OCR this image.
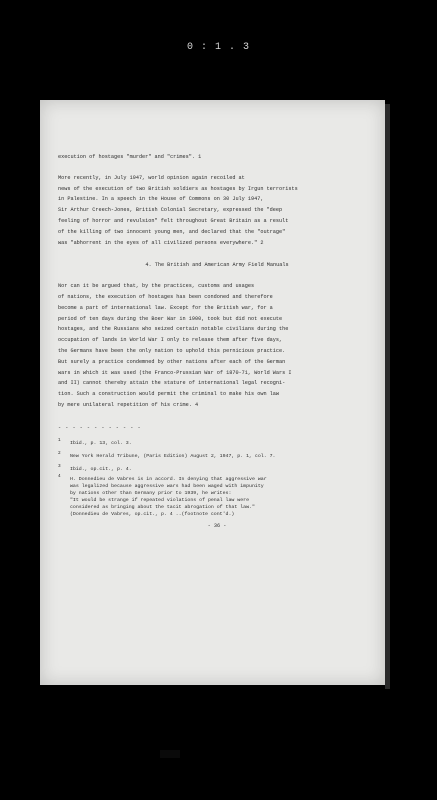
0 : 1 . 3

execution of hostages "murder" and "crimes". 1

More recently, in July 1947, world opinion again recoiled at

news of the execution of two British soldiers as hostages by Irgun terrorists

in Palestine. In a speech in the House of Commons on 30 July 1947,

Sir Arthur Creech-Jones, British Colonial Secretary, expressed the "deep

feeling of horror and revulsion" felt throughout Great Britain as a result

of the killing of two innocent young men, and declared that the "outrage"

was "abhorrent in the eyes of all civilized persons everywhere." 2

4. The British and American Army Field Manuals

Nor can it be argued that, by the practices, customs and usages

of nations, the execution of hostages has been condoned and therefore

become a part of international law. Except for the British war, for a

period of ten days during the Boer War in 1900, took but did not execute

hostages, and the Russians who seized certain notable civilians during the

occupation of lands in World War I only to release them after five days,

the Germans have been the only nation to uphold this pernicious practice.

But surely a practice condemned by other nations after each of the German

wars in which it was used (the Franco-Prussian War of 1870-71, World Wars I

and II) cannot thereby attain the stature of international legal recogni-

tion. Such a construction would permit the criminal to make his own law

by mere unilateral repetition of his crime. 4

- - - - - - - - - - - -
1
Ibid., p. 13, col. 3.
2
New York Herald Tribune, (Paris Edition) August 2, 1947, p. 1, col. 7.
3
Ibid., op.cit., p. 4.
4
H. Donnedieu de Vabres is in accord. In denying that aggressive war
was legalized because aggressive wars had been waged with impunity
by nations other than Germany prior to 1939, he writes:
"It would be strange if repeated violations of penal law were
considered as bringing about the tacit abrogation of that law."
(Donnedieu de Vabres, op.cit., p. 4 ..(footnote cont'd.)
- 36 -
